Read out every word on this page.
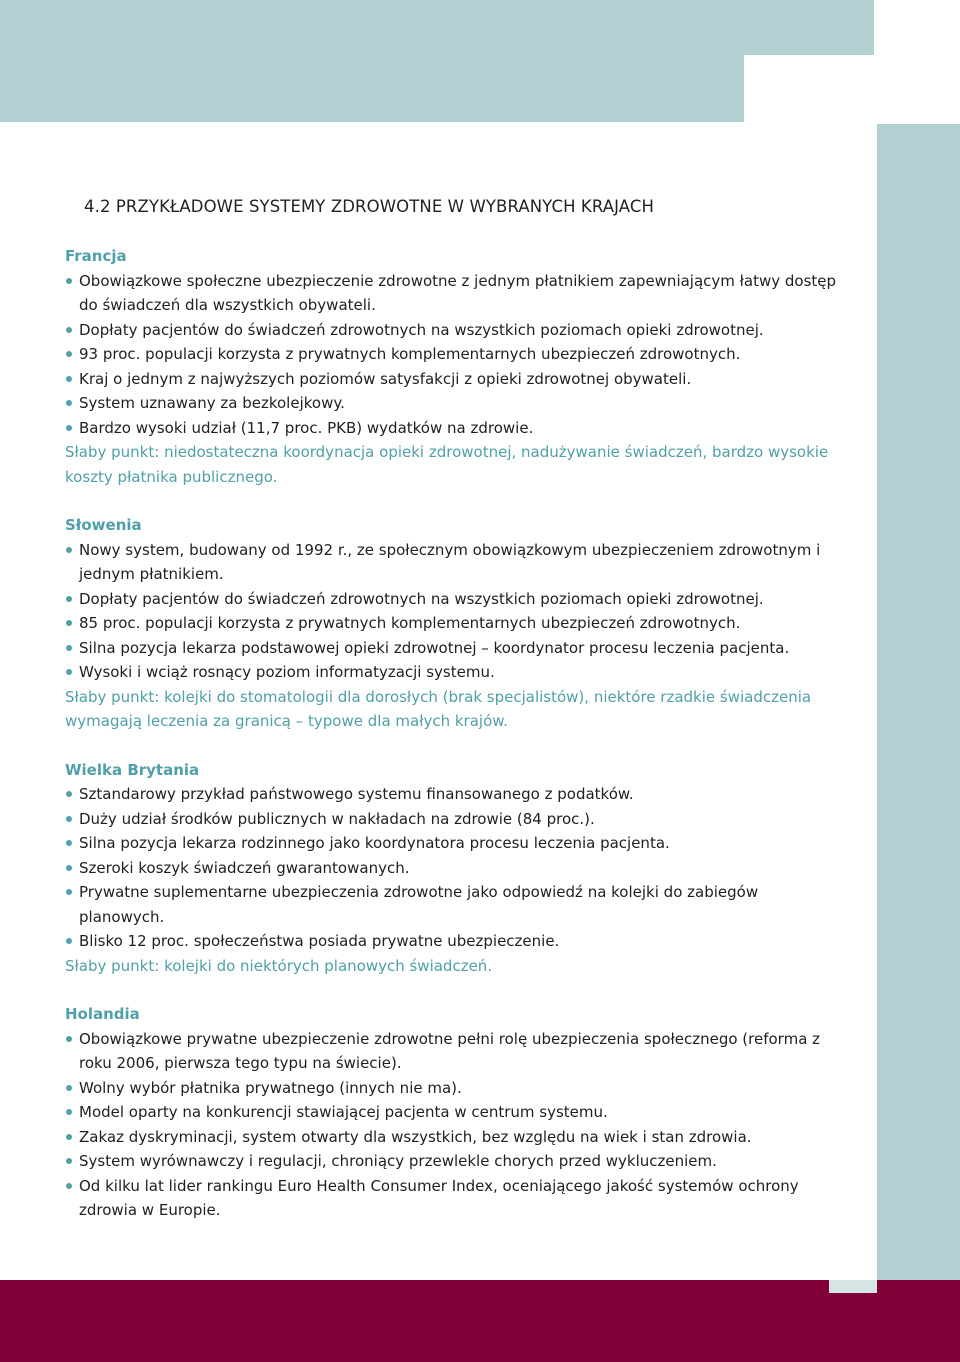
9
4.2 PRZYKŁADOWE SYSTEMY ZDROWOTNE W WYBRANYCH KRAJACH
Francja
Obowiązkowe społeczne ubezpieczenie zdrowotne z jednym płatnikiem zapewniającym łatwy dostęp do świadczeń dla wszystkich obywateli.
Dopłaty pacjentów do świadczeń zdrowotnych na wszystkich poziomach opieki zdrowotnej.
93 proc. populacji korzysta z prywatnych komplementarnych ubezpieczeń zdrowotnych.
Kraj o jednym z najwyższych poziomów satysfakcji z opieki zdrowotnej obywateli.
System uznawany za bezkolejkowy.
Bardzo wysoki udział (11,7 proc. PKB) wydatków na zdrowie.

Słaby punkt: niedostateczna koordynacja opieki zdrowotnej, nadużywanie świadczeń, bardzo wysokie koszty płatnika publicznego.

Słowenia
Nowy system, budowany od 1992 r., ze społecznym obowiązkowym ubezpieczeniem zdrowotnym i jednym płatnikiem.
Dopłaty pacjentów do świadczeń zdrowotnych na wszystkich poziomach opieki zdrowotnej.
85 proc. populacji korzysta z prywatnych komplementarnych ubezpieczeń zdrowotnych.
Silna pozycja lekarza podstawowej opieki zdrowotnej – koordynator procesu leczenia pacjenta.
Wysoki i wciąż rosnący poziom informatyzacji systemu.

Słaby punkt: kolejki do stomatologii dla dorosłych (brak specjalistów), niektóre rzadkie świadczenia wymagają leczenia za granicą – typowe dla małych krajów.

Wielka Brytania
Sztandarowy przykład państwowego systemu finansowanego z podatków.
Duży udział środków publicznych w nakładach na zdrowie (84 proc.).
Silna pozycja lekarza rodzinnego jako koordynatora procesu leczenia pacjenta.
Szeroki koszyk świadczeń gwarantowanych.
Prywatne suplementarne ubezpieczenia zdrowotne jako odpowiedź na kolejki do zabiegów planowych.
Blisko 12 proc. społeczeństwa posiada prywatne ubezpieczenie.

Słaby punkt: kolejki do niektórych planowych świadczeń.

Holandia
Obowiązkowe prywatne ubezpieczenie zdrowotne pełni rolę ubezpieczenia społecznego (reforma z roku 2006, pierwsza tego typu na świecie).
Wolny wybór płatnika prywatnego (innych nie ma).
Model oparty na konkurencji stawiającej pacjenta w centrum systemu.
Zakaz dyskryminacji, system otwarty dla wszystkich, bez względu na wiek i stan zdrowia.
System wyrównawczy i regulacji, chroniący przewlekle chorych przed wykluczeniem.
Od kilku lat lider rankingu Euro Health Consumer Index, oceniającego jakość systemów ochrony zdrowia w Europie.
